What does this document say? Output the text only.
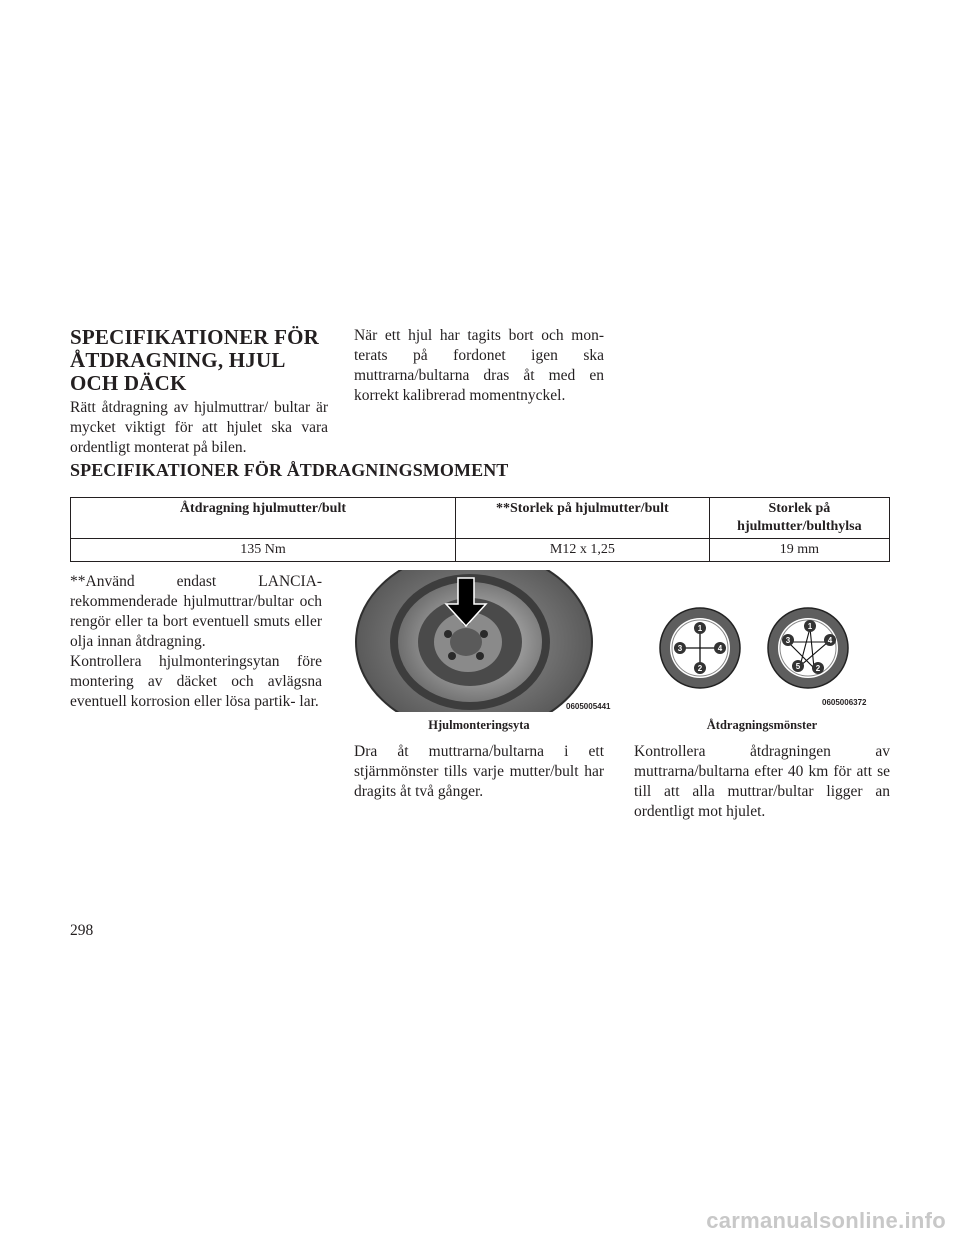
SPECIFIKATIONER FÖR
ÅTDRAGNING, HJUL
OCH DÄCK

Rätt åtdragning av hjulmuttrar/ bultar är mycket viktigt för att hjulet ska vara ordentligt monterat på bilen.

När ett hjul har tagits bort och mon- terats på fordonet igen ska muttrarna/bultarna dras åt med en korrekt kalibrerad momentnyckel.

SPECIFIKATIONER FÖR ÅTDRAGNINGSMOMENT
Åtdragning hjulmutter/bult	**Storlek på hjulmutter/bult	Storlek på hjulmutter/bulthylsa
135 Nm	M12 x 1,25	19 mm

**Använd endast LANCIA- rekommenderade hjulmuttrar/bultar och rengör eller ta bort eventuell smuts eller olja innan åtdragning.

Kontrollera hjulmonteringsytan före montering av däcket och avlägsna eventuell korrosion eller lösa partik- lar.	0605005441
Hjulmonteringsyta
1
2
3	4
1
2
3	4
5
0605006372
Åtdragningsmönster

Dra åt muttrarna/bultarna i ett stjärnmönster tills varje mutter/bult har dragits åt två gånger.

Kontrollera åtdragningen av muttrarna/bultarna efter 40 km för att se till att alla muttrar/bultar ligger an ordentligt mot hjulet.

298
carmanualsonline.info
